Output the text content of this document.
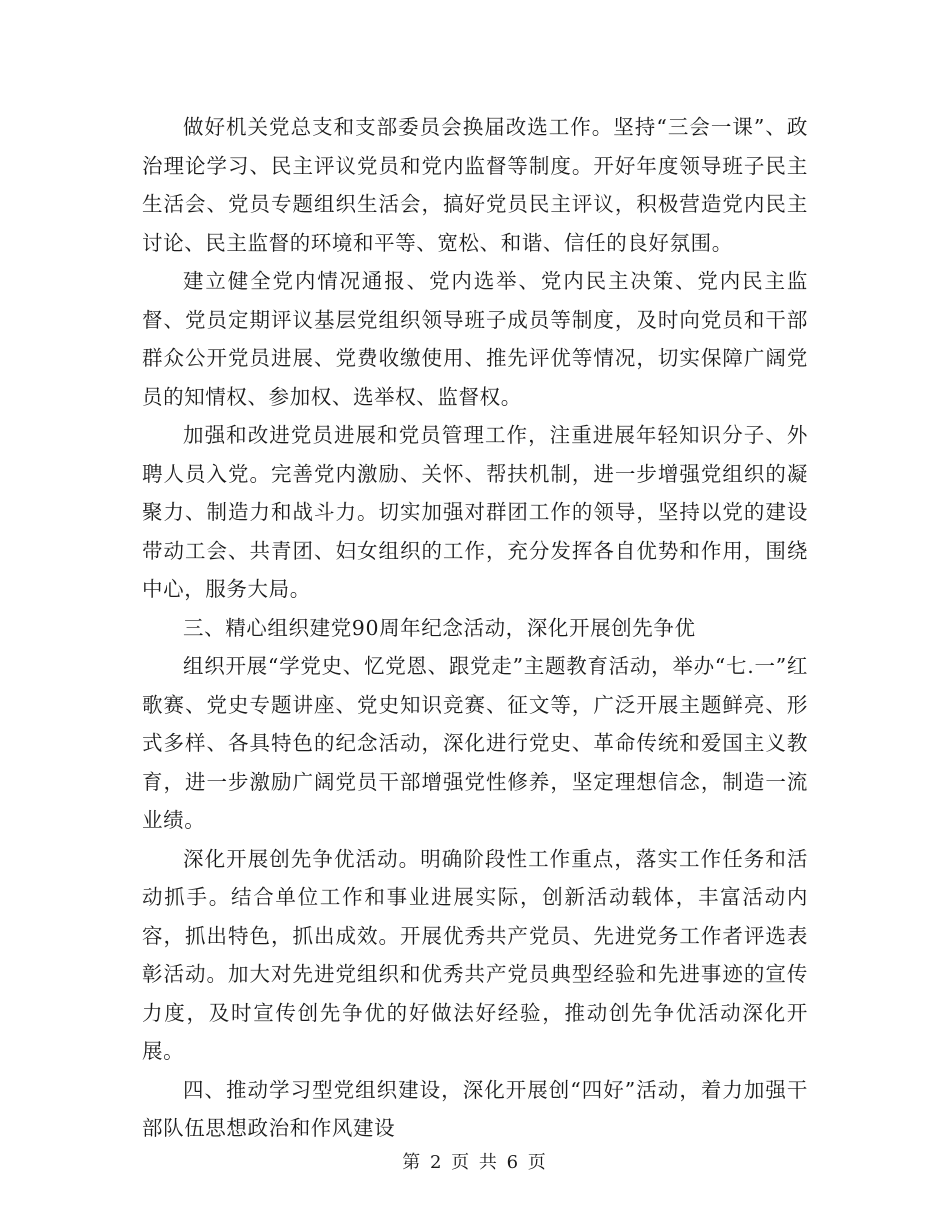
做好机关党总支和支部委员会换届改选工作。坚持“三会一课”、政治理论学习、民主评议党员和党内监督等制度。开好年度领导班子民主生活会、党员专题组织生活会，搞好党员民主评议，积极营造党内民主讨论、民主监督的环境和平等、宽松、和谐、信任的良好氛围。

建立健全党内情况通报、党内选举、党内民主决策、党内民主监督、党员定期评议基层党组织领导班子成员等制度，及时向党员和干部群众公开党员进展、党费收缴使用、推先评优等情况，切实保障广阔党员的知情权、参加权、选举权、监督权。

加强和改进党员进展和党员管理工作，注重进展年轻知识分子、外聘人员入党。完善党内激励、关怀、帮扶机制，进一步增强党组织的凝聚力、制造力和战斗力。切实加强对群团工作的领导，坚持以党的建设带动工会、共青团、妇女组织的工作，充分发挥各自优势和作用，围绕中心，服务大局。

三、精心组织建党90周年纪念活动，深化开展创先争优

组织开展“学党史、忆党恩、跟党走”主题教育活动，举办“七.一”红歌赛、党史专题讲座、党史知识竞赛、征文等，广泛开展主题鲜亮、形式多样、各具特色的纪念活动，深化进行党史、革命传统和爱国主义教育，进一步激励广阔党员干部增强党性修养，坚定理想信念，制造一流业绩。

深化开展创先争优活动。明确阶段性工作重点，落实工作任务和活动抓手。结合单位工作和事业进展实际，创新活动载体，丰富活动内容，抓出特色，抓出成效。开展优秀共产党员、先进党务工作者评选表彰活动。加大对先进党组织和优秀共产党员典型经验和先进事迹的宣传力度，及时宣传创先争优的好做法好经验，推动创先争优活动深化开展。

四、推动学习型党组织建设，深化开展创“四好”活动，着力加强干部队伍思想政治和作风建设

第 2 页 共 6 页
